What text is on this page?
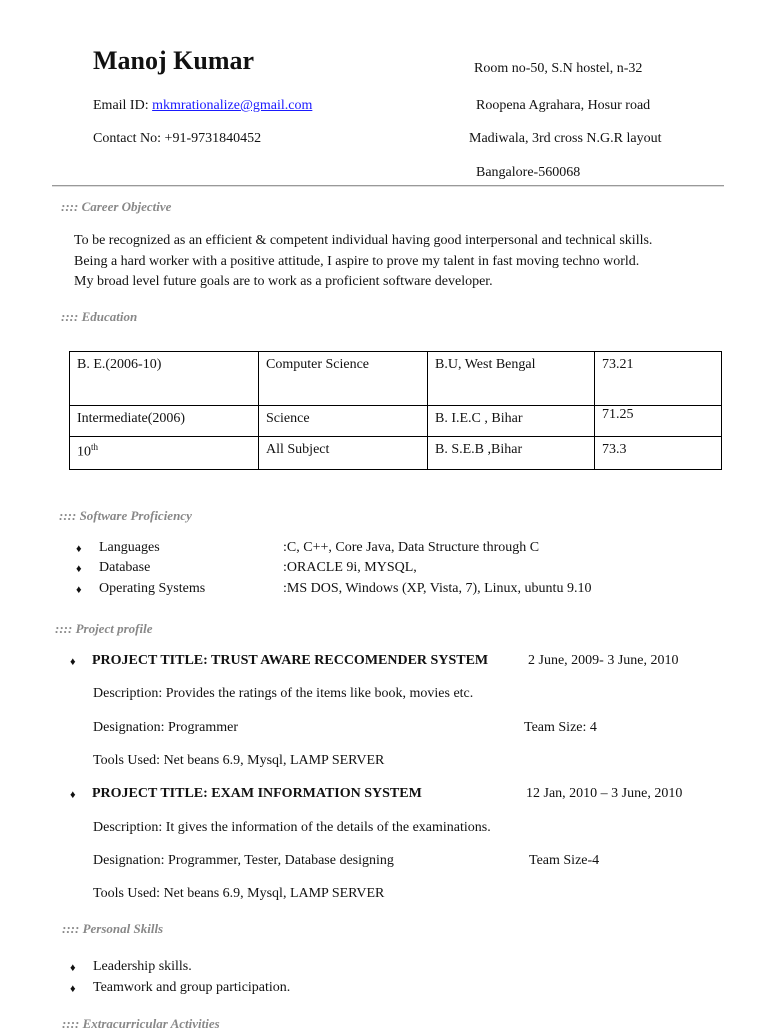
Manoj Kumar
Email ID: mkmrationalize@gmail.com
Contact No: +91-9731840452
Room no-50, S.N hostel, n-32
Roopena Agrahara, Hosur road
Madiwala, 3rd cross N.G.R layout
Bangalore-560068
:::: Career Objective
To be recognized as an efficient & competent individual having good interpersonal and technical skills.
Being a hard worker with a positive attitude, I aspire to prove my talent in fast moving techno world.
My broad level future goals are to work as a proficient software developer.
:::: Education
B. E.(2006-10)	Computer Science	B.U, West Bengal	73.21
Intermediate(2006)	Science	B. I.E.C , Bihar	71.25
10th	All Subject	B. S.E.B ,Bihar	73.3
:::: Software Proficiency
♦ Languages	:C, C++, Core Java, Data Structure through C
♦ Database	:ORACLE 9i, MYSQL,
♦ Operating Systems	:MS DOS, Windows (XP, Vista, 7), Linux, ubuntu 9.10
:::: Project profile
♦ PROJECT TITLE: TRUST AWARE RECCOMENDER SYSTEM	2 June, 2009- 3 June, 2010
Description: Provides the ratings of the items like book, movies etc.
Designation: Programmer	Team Size: 4
Tools Used: Net beans 6.9, Mysql, LAMP SERVER
♦ PROJECT TITLE: EXAM INFORMATION SYSTEM	12 Jan, 2010 – 3 June, 2010
Description: It gives the information of the details of the examinations.
Designation: Programmer, Tester, Database designing	Team Size-4
Tools Used: Net beans 6.9, Mysql, LAMP SERVER
:::: Personal Skills
♦ Leadership skills.
♦ Teamwork and group participation.
:::: Extracurricular Activities
